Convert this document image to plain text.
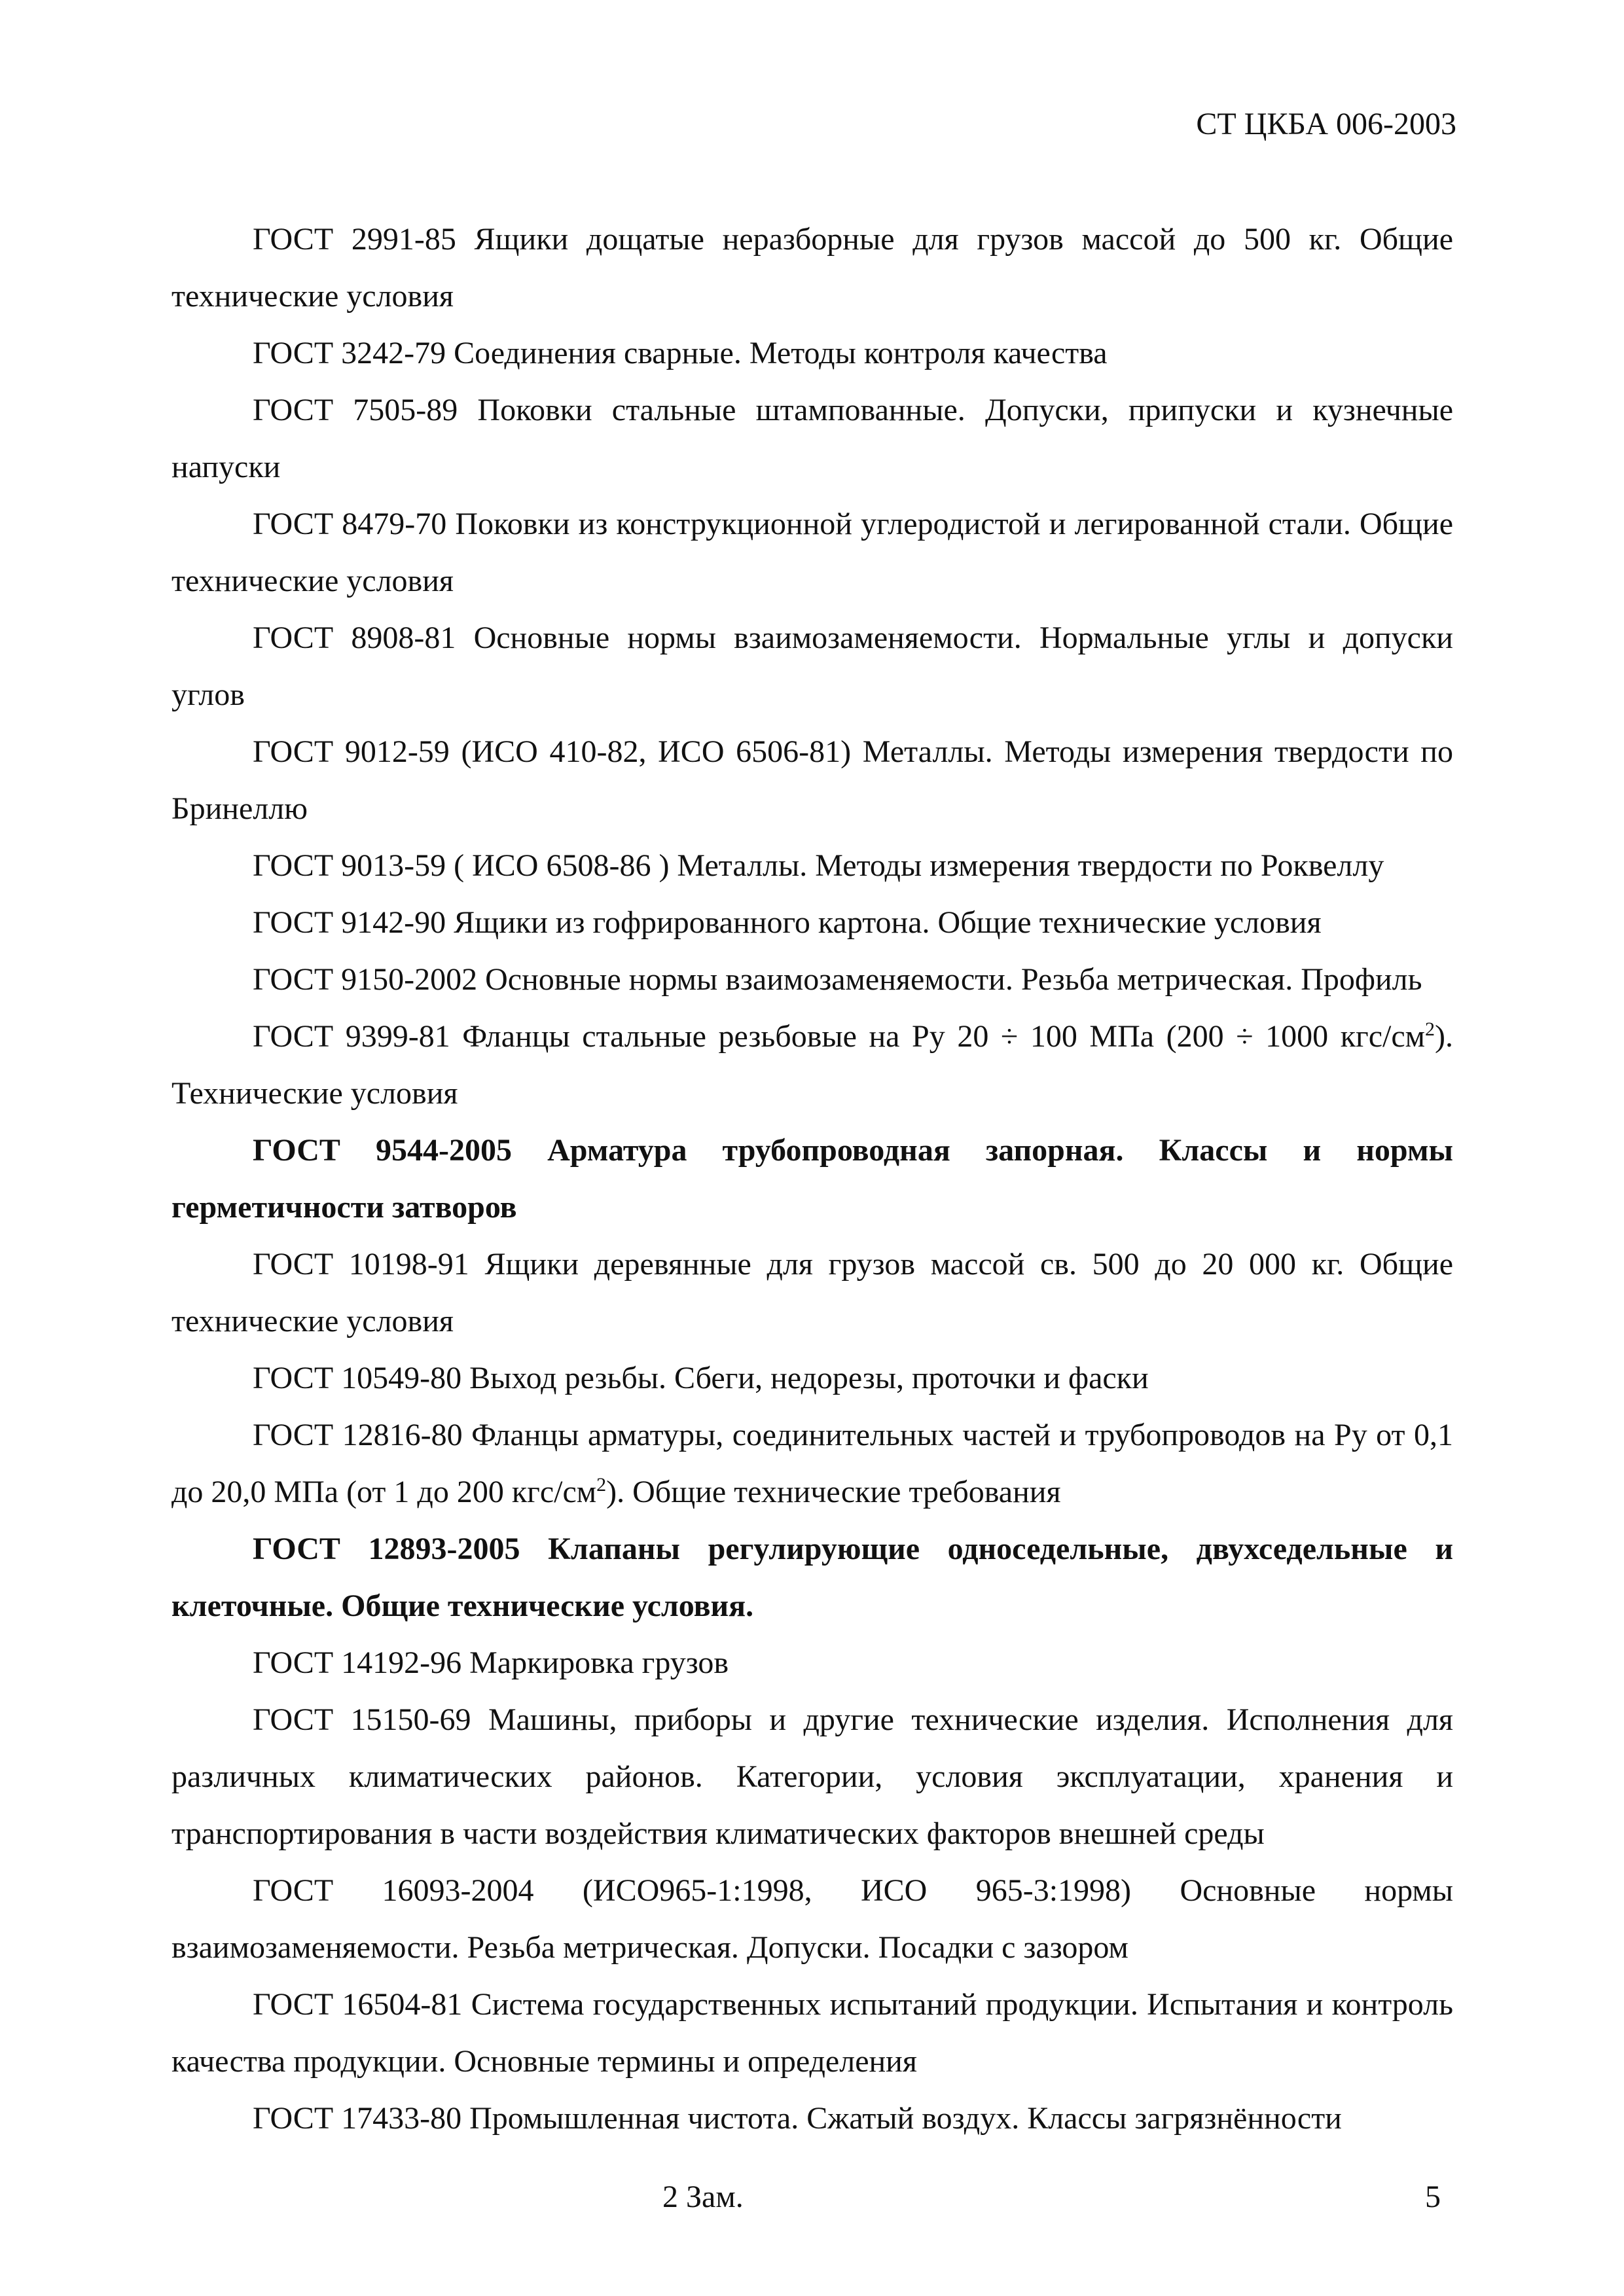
СТ ЦКБА 006-2003

ГОСТ 2991-85 Ящики дощатые неразборные для грузов массой до 500 кг. Общие технические условия

ГОСТ 3242-79 Соединения сварные. Методы контроля качества

ГОСТ 7505-89 Поковки стальные штампованные. Допуски, припуски и кузнечные напуски

ГОСТ 8479-70 Поковки из конструкционной углеродистой и легированной стали. Общие технические условия

ГОСТ 8908-81 Основные нормы взаимозаменяемости. Нормальные углы и допуски углов

ГОСТ 9012-59 (ИСО 410-82, ИСО 6506-81) Металлы. Методы измерения твердости по Бринеллю

ГОСТ 9013-59 ( ИСО 6508-86 ) Металлы. Методы измерения твердости по Роквеллу

ГОСТ 9142-90 Ящики из гофрированного картона. Общие технические условия

ГОСТ 9150-2002 Основные нормы взаимозаменяемости. Резьба метрическая. Профиль

ГОСТ 9399-81 Фланцы стальные резьбовые на Ру 20 ÷ 100 МПа (200 ÷ 1000 кгс/$см^2$). Технические условия

ГОСТ 9544-2005 Арматура трубопроводная запорная. Классы и нормы герметичности затворов

ГОСТ 10198-91 Ящики деревянные для грузов массой св. 500 до 20 000 кг. Общие технические условия

ГОСТ 10549-80 Выход резьбы. Сбеги, недорезы, проточки и фаски

ГОСТ 12816-80 Фланцы арматуры, соединительных частей и трубопроводов на Ру от 0,1 до 20,0 МПа (от 1 до 200 кгс/$см^2$). Общие технические требования

ГОСТ 12893-2005 Клапаны регулирующие односедельные, двухседельные и клеточные. Общие технические условия.

ГОСТ 14192-96 Маркировка грузов

ГОСТ 15150-69 Машины, приборы и другие технические изделия. Исполнения для различных климатических районов. Категории, условия эксплуатации, хранения и транспортирования в части воздействия климатических факторов внешней среды

ГОСТ 16093-2004 (ИСО965-1:1998, ИСО 965-3:1998) Основные нормы взаимозаменяемости. Резьба метрическая. Допуски. Посадки с зазором

ГОСТ 16504-81 Система государственных испытаний продукции. Испытания и контроль качества продукции. Основные термины и определения

ГОСТ 17433-80 Промышленная чистота. Сжатый воздух. Классы загрязнённости

2 Зам.	5
